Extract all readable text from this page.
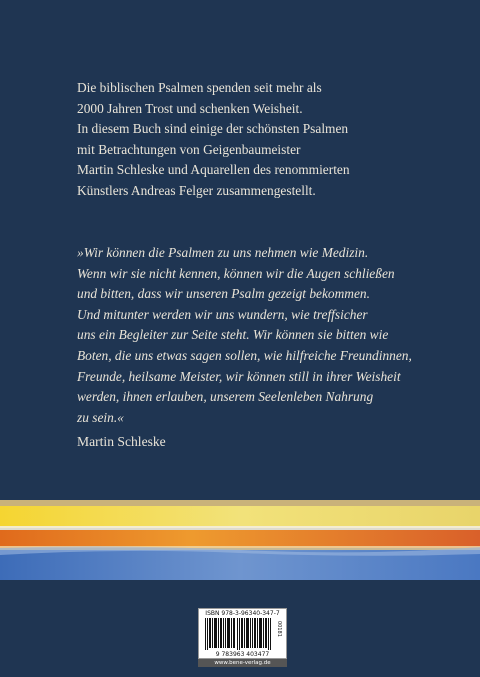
Die biblischen Psalmen spenden seit mehr als
2000 Jahren Trost und schenken Weisheit.
In diesem Buch sind einige der schönsten Psalmen
mit Betrachtungen von Geigenbaumeister
Martin Schleske und Aquarellen des renommierten
Künstlers Andreas Felger zusammengestellt.
»Wir können die Psalmen zu uns nehmen wie Medizin.
Wenn wir sie nicht kennen, können wir die Augen schließen
und bitten, dass wir unseren Psalm gezeigt bekommen.
Und mitunter werden wir uns wundern, wie treffsicher
uns ein Begleiter zur Seite steht. Wir können sie bitten wie
Boten, die uns etwas sagen sollen, wie hilfreiche Freundinnen,
Freunde, heilsame Meister, wir können still in ihrer Weisheit
werden, ihnen erlauben, unserem Seelenleben Nahrung
zu sein.«
Martin Schleske
ISBN 978-3-96340-347-7
00181
9 783963 403477
www.bene-verlag.de
